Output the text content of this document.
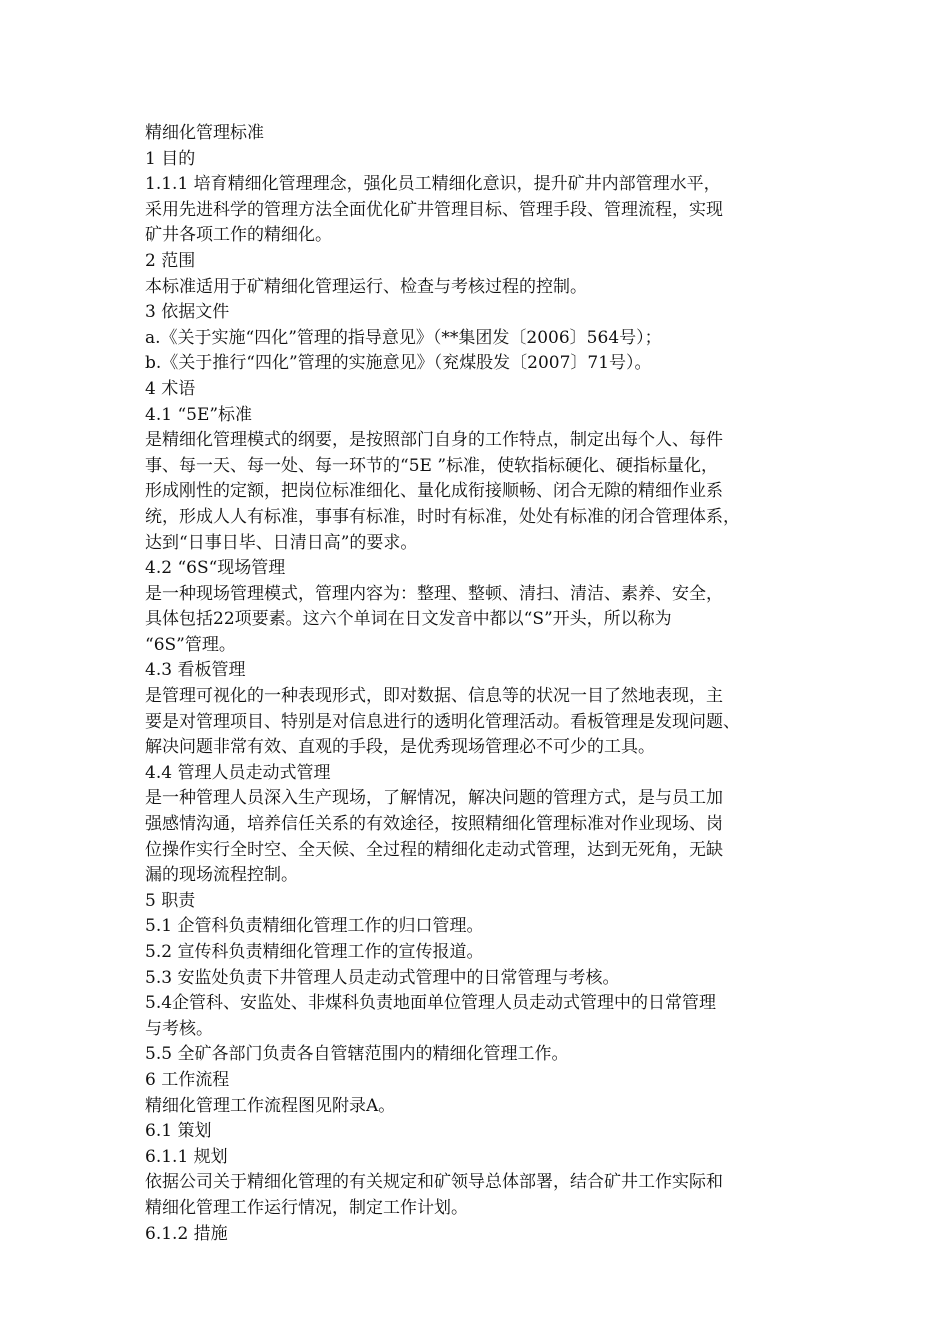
精细化管理标准
1 目的
1.1.1 培育精细化管理理念，强化员工精细化意识，提升矿井内部管理水平，
采用先进科学的管理方法全面优化矿井管理目标、管理手段、管理流程，实现
矿井各项工作的精细化。
2 范围
本标准适用于矿精细化管理运行、检查与考核过程的控制。
3 依据文件
a.《关于实施“四化”管理的指导意见》（**集团发〔2006〕564号）；
b.《关于推行“四化”管理的实施意见》（兖煤股发〔2007〕71号）。
4 术语
4.1 “5E”标准
是精细化管理模式的纲要，是按照部门自身的工作特点，制定出每个人、每件
事、每一天、每一处、每一环节的“5E ”标准，使软指标硬化、硬指标量化，
形成刚性的定额，把岗位标准细化、量化成衔接顺畅、闭合无隙的精细作业系
统，形成人人有标准，事事有标准，时时有标准，处处有标准的闭合管理体系，
达到“日事日毕、日清日高”的要求。
4.2 “6S“现场管理
是一种现场管理模式，管理内容为：整理、整顿、清扫、清洁、素养、安全，
具体包括22项要素。这六个单词在日文发音中都以“S”开头，所以称为
“6S”管理。
4.3 看板管理
是管理可视化的一种表现形式，即对数据、信息等的状况一目了然地表现，主
要是对管理项目、特别是对信息进行的透明化管理活动。看板管理是发现问题、
解决问题非常有效、直观的手段，是优秀现场管理必不可少的工具。
4.4 管理人员走动式管理
是一种管理人员深入生产现场，了解情况，解决问题的管理方式，是与员工加
强感情沟通，培养信任关系的有效途径，按照精细化管理标准对作业现场、岗
位操作实行全时空、全天候、全过程的精细化走动式管理，达到无死角，无缺
漏的现场流程控制。
5 职责
5.1 企管科负责精细化管理工作的归口管理。
5.2 宣传科负责精细化管理工作的宣传报道。
5.3 安监处负责下井管理人员走动式管理中的日常管理与考核。
5.4企管科、安监处、非煤科负责地面单位管理人员走动式管理中的日常管理
与考核。
5.5 全矿各部门负责各自管辖范围内的精细化管理工作。
6 工作流程
精细化管理工作流程图见附录A。
6.1 策划
6.1.1 规划
依据公司关于精细化管理的有关规定和矿领导总体部署，结合矿井工作实际和
精细化管理工作运行情况，制定工作计划。
6.1.2 措施
